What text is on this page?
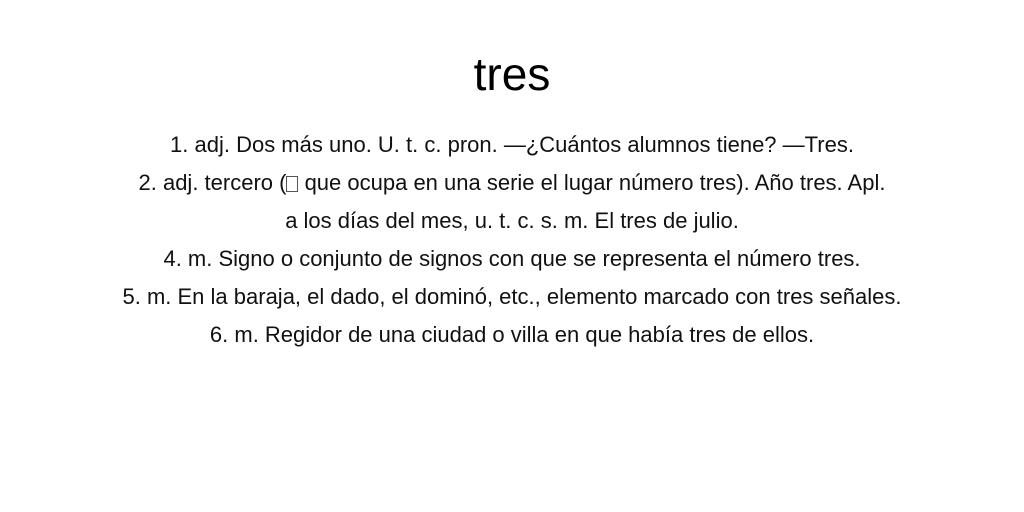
tres
1. adj. Dos más uno. U. t. c. pron. —¿Cuántos alumnos tiene? —Tres.
2. adj. tercero ( que ocupa en una serie el lugar número tres). Año tres. Apl.
a los días del mes, u. t. c. s. m. El tres de julio.
4. m. Signo o conjunto de signos con que se representa el número tres.
5. m. En la baraja, el dado, el dominó, etc., elemento marcado con tres señales.
6. m. Regidor de una ciudad o villa en que había tres de ellos.
